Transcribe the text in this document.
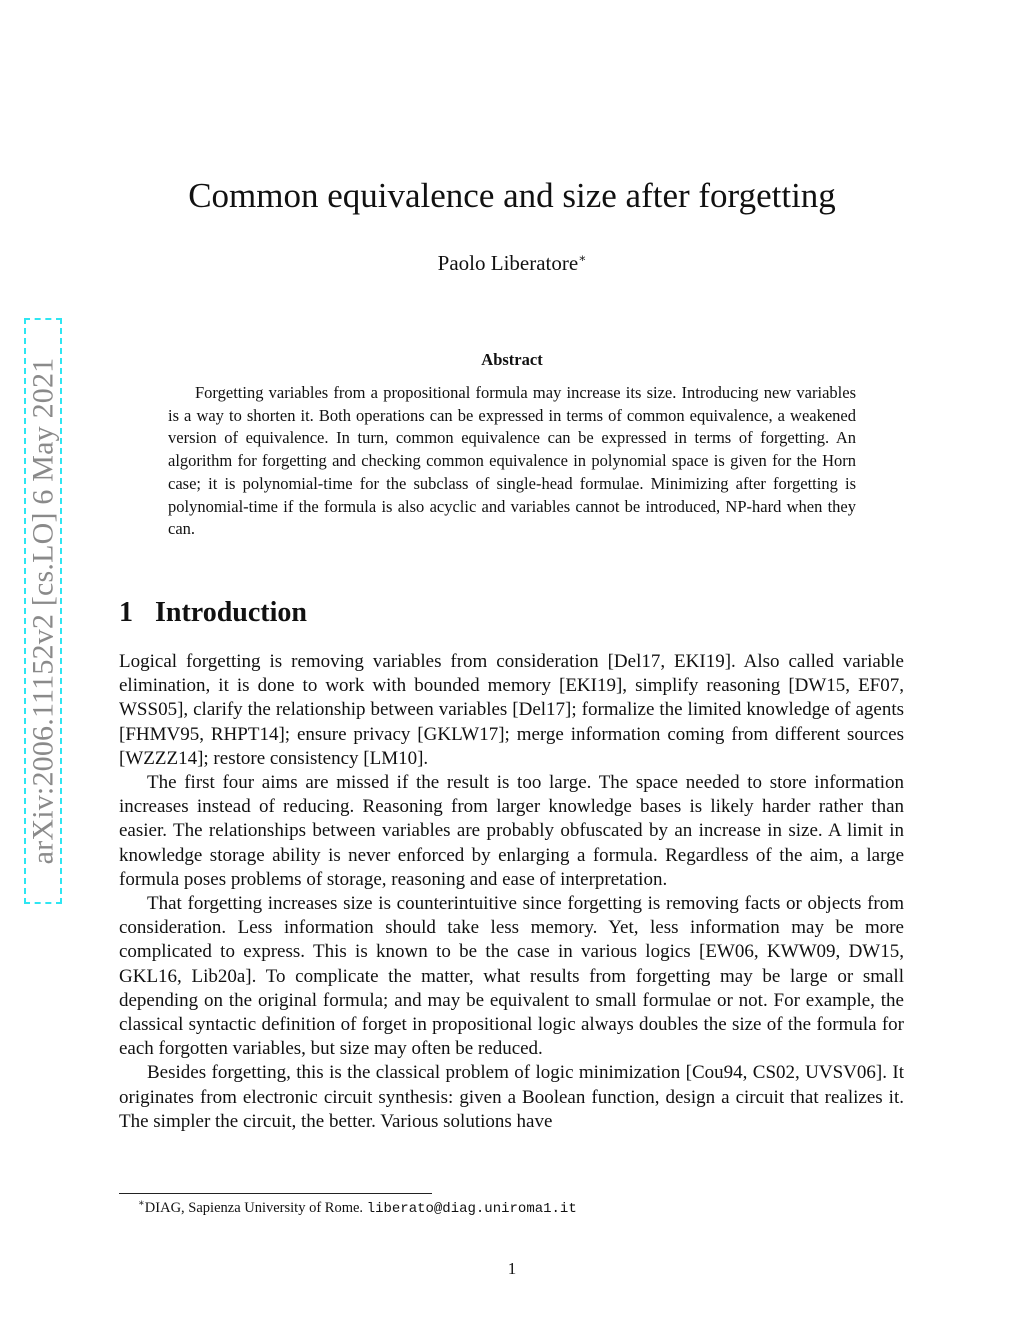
arXiv:2006.11152v2 [cs.LO] 6 May 2021
Common equivalence and size after forgetting
Paolo Liberatore∗
Abstract

Forgetting variables from a propositional formula may increase its size. Introducing new variables is a way to shorten it. Both operations can be expressed in terms of common equivalence, a weakened version of equivalence. In turn, common equivalence can be expressed in terms of forgetting. An algorithm for forgetting and checking common equivalence in polynomial space is given for the Horn case; it is polynomial-time for the subclass of single-head formulae. Minimizing after forgetting is polynomial-time if the formula is also acyclic and variables cannot be introduced, NP-hard when they can.

1 Introduction

Logical forgetting is removing variables from consideration [Del17, EKI19]. Also called variable elimination, it is done to work with bounded memory [EKI19], simplify reasoning [DW15, EF07, WSS05], clarify the relationship between variables [Del17]; formalize the limited knowledge of agents [FHMV95, RHPT14]; ensure privacy [GKLW17]; merge information coming from different sources [WZZZ14]; restore consistency [LM10].

The first four aims are missed if the result is too large. The space needed to store information increases instead of reducing. Reasoning from larger knowledge bases is likely harder rather than easier. The relationships between variables are probably obfuscated by an increase in size. A limit in knowledge storage ability is never enforced by enlarging a formula. Regardless of the aim, a large formula poses problems of storage, reasoning and ease of interpretation.

That forgetting increases size is counterintuitive since forgetting is removing facts or objects from consideration. Less information should take less memory. Yet, less information may be more complicated to express. This is known to be the case in various logics [EW06, KWW09, DW15, GKL16, Lib20a]. To complicate the matter, what results from forgetting may be large or small depending on the original formula; and may be equivalent to small formulae or not. For example, the classical syntactic definition of forget in propositional logic always doubles the size of the formula for each forgotten variables, but size may often be reduced.

Besides forgetting, this is the classical problem of logic minimization [Cou94, CS02, UVSV06]. It originates from electronic circuit synthesis: given a Boolean function, design a circuit that realizes it. The simpler the circuit, the better. Various solutions have

∗DIAG, Sapienza University of Rome. liberato@diag.uniroma1.it
1
